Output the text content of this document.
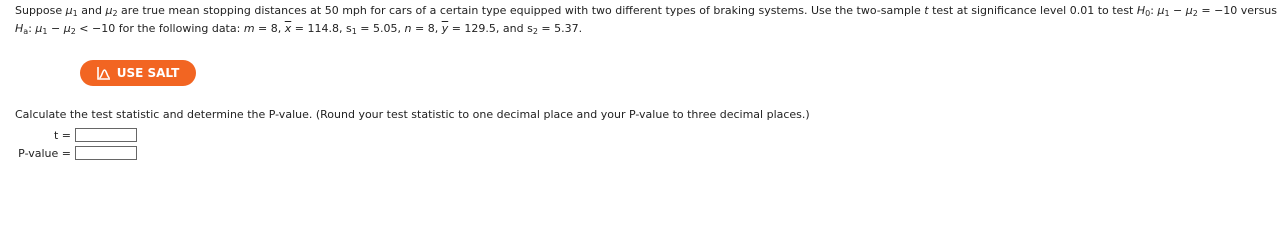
Suppose $\mu_1$ and $\mu_2$ are true mean stopping distances at 50 mph for cars of a certain type equipped with two different types of braking systems. Use the two-sample t test at significance level 0.01 to test $H_0$: $\mu_1 - \mu_2 = -10$ versus
$H_a$: $\mu_1 - \mu_2 < -10$ for the following data: m = 8, $\overline{x} = 114.8$, $s_1 = 5.05$, n = 8, $\overline{y} = 129.5$, and $s_2 = 5.37$.
USE SALT
Calculate the test statistic and determine the P-value. (Round your test statistic to one decimal place and your P-value to three decimal places.)
t =
P-value =
